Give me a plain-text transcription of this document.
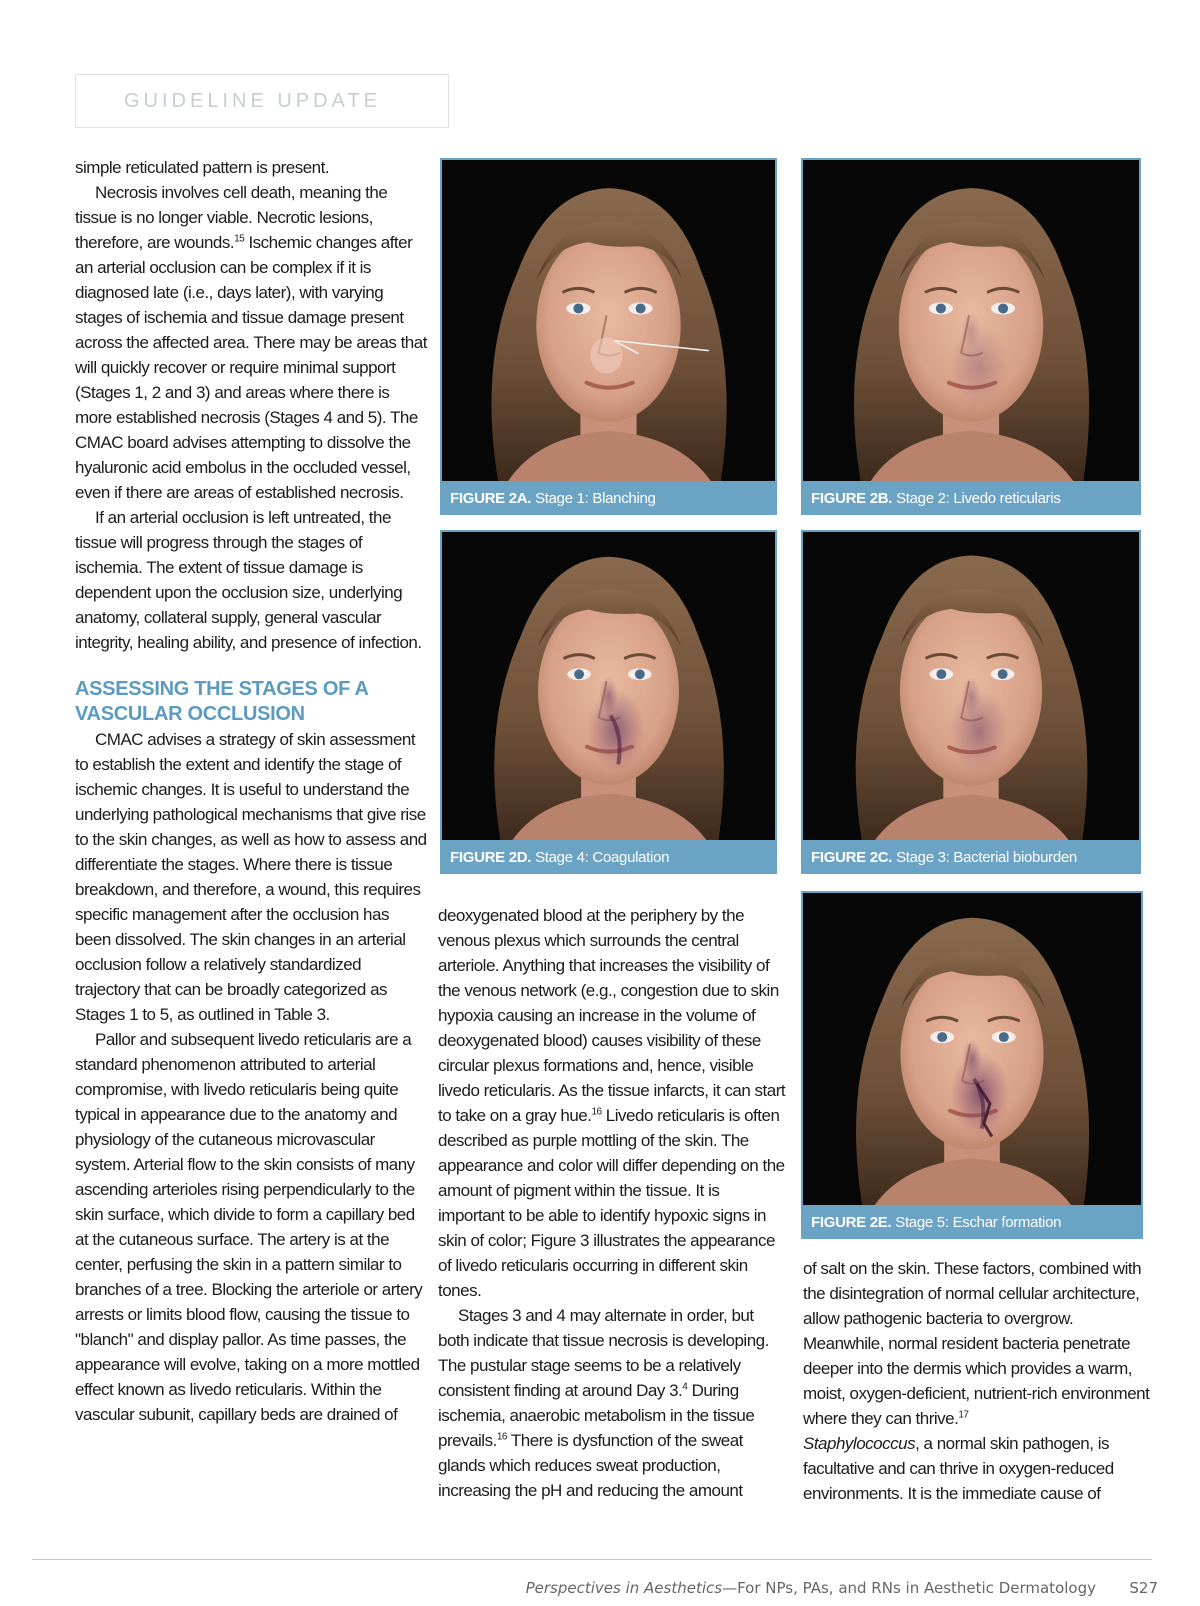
GUIDELINE UPDATE

simple reticulated pattern is present.

Necrosis involves cell death, meaning the tissue is no longer viable. Necrotic lesions, therefore, are wounds.$^{15}$ Ischemic changes after an arterial occlusion can be complex if it is diagnosed late (i.e., days later), with varying stages of ischemia and tissue damage present across the affected area. There may be areas that will quickly recover or require minimal support (Stages 1, 2 and 3) and areas where there is more established necrosis (Stages 4 and 5). The CMAC board advises attempting to dissolve the hyaluronic acid embolus in the occluded vessel, even if there are areas of established necrosis.

If an arterial occlusion is left untreated, the tissue will progress through the stages of ischemia. The extent of tissue damage is dependent upon the occlusion size, underlying anatomy, collateral supply, general vascular integrity, healing ability, and presence of infection.

ASSESSING THE STAGES OF A VASCULAR OCCLUSION

CMAC advises a strategy of skin assessment to establish the extent and identify the stage of ischemic changes. It is useful to understand the underlying pathological mechanisms that give rise to the skin changes, as well as how to assess and differentiate the stages. Where there is tissue breakdown, and therefore, a wound, this requires specific management after the occlusion has been dissolved. The skin changes in an arterial occlusion follow a relatively standardized trajectory that can be broadly categorized as Stages 1 to 5, as outlined in Table 3.

Pallor and subsequent livedo reticularis are a standard phenomenon attributed to arterial compromise, with livedo reticularis being quite typical in appearance due to the anatomy and physiology of the cutaneous microvascular system. Arterial flow to the skin consists of many ascending arterioles rising perpendicularly to the skin surface, which divide to form a capillary bed at the cutaneous surface. The artery is at the center, perfusing the skin in a pattern similar to branches of a tree. Blocking the arteriole or artery arrests or limits blood flow, causing the tissue to "blanch" and display pallor. As time passes, the appearance will evolve, taking on a more mottled effect known as livedo reticularis. Within the vascular subunit, capillary beds are drained of

deoxygenated blood at the periphery by the venous plexus which surrounds the central arteriole. Anything that increases the visibility of the venous network (e.g., congestion due to skin hypoxia causing an increase in the volume of deoxygenated blood) causes visibility of these circular plexus formations and, hence, visible livedo reticularis. As the tissue infarcts, it can start to take on a gray hue.$^{16}$ Livedo reticularis is often described as purple mottling of the skin. The appearance and color will differ depending on the amount of pigment within the tissue. It is important to be able to identify hypoxic signs in skin of color; Figure 3 illustrates the appearance of livedo reticularis occurring in different skin tones.

Stages 3 and 4 may alternate in order, but both indicate that tissue necrosis is developing. The pustular stage seems to be a relatively consistent finding at around Day 3.$^4$ During ischemia, anaerobic metabolism in the tissue prevails.$^{16}$ There is dysfunction of the sweat glands which reduces sweat production, increasing the pH and reducing the amount

of salt on the skin. These factors, combined with the disintegration of normal cellular architecture, allow pathogenic bacteria to overgrow. Meanwhile, normal resident bacteria penetrate deeper into the dermis which provides a warm, moist, oxygen-deficient, nutrient-rich environment where they can thrive.$^{17}$
Staphylococcus, a normal skin pathogen, is facultative and can thrive in oxygen-reduced environments. It is the immediate cause of

FIGURE 2A. Stage 1: Blanching	FIGURE 2B. Stage 2: Livedo reticularis
FIGURE 2D. Stage 4: Coagulation	FIGURE 2C. Stage 3: Bacterial bioburden
FIGURE 2E. Stage 5: Eschar formation
Perspectives in Aesthetics—For NPs, PAs, and RNs in Aesthetic Dermatology S27
